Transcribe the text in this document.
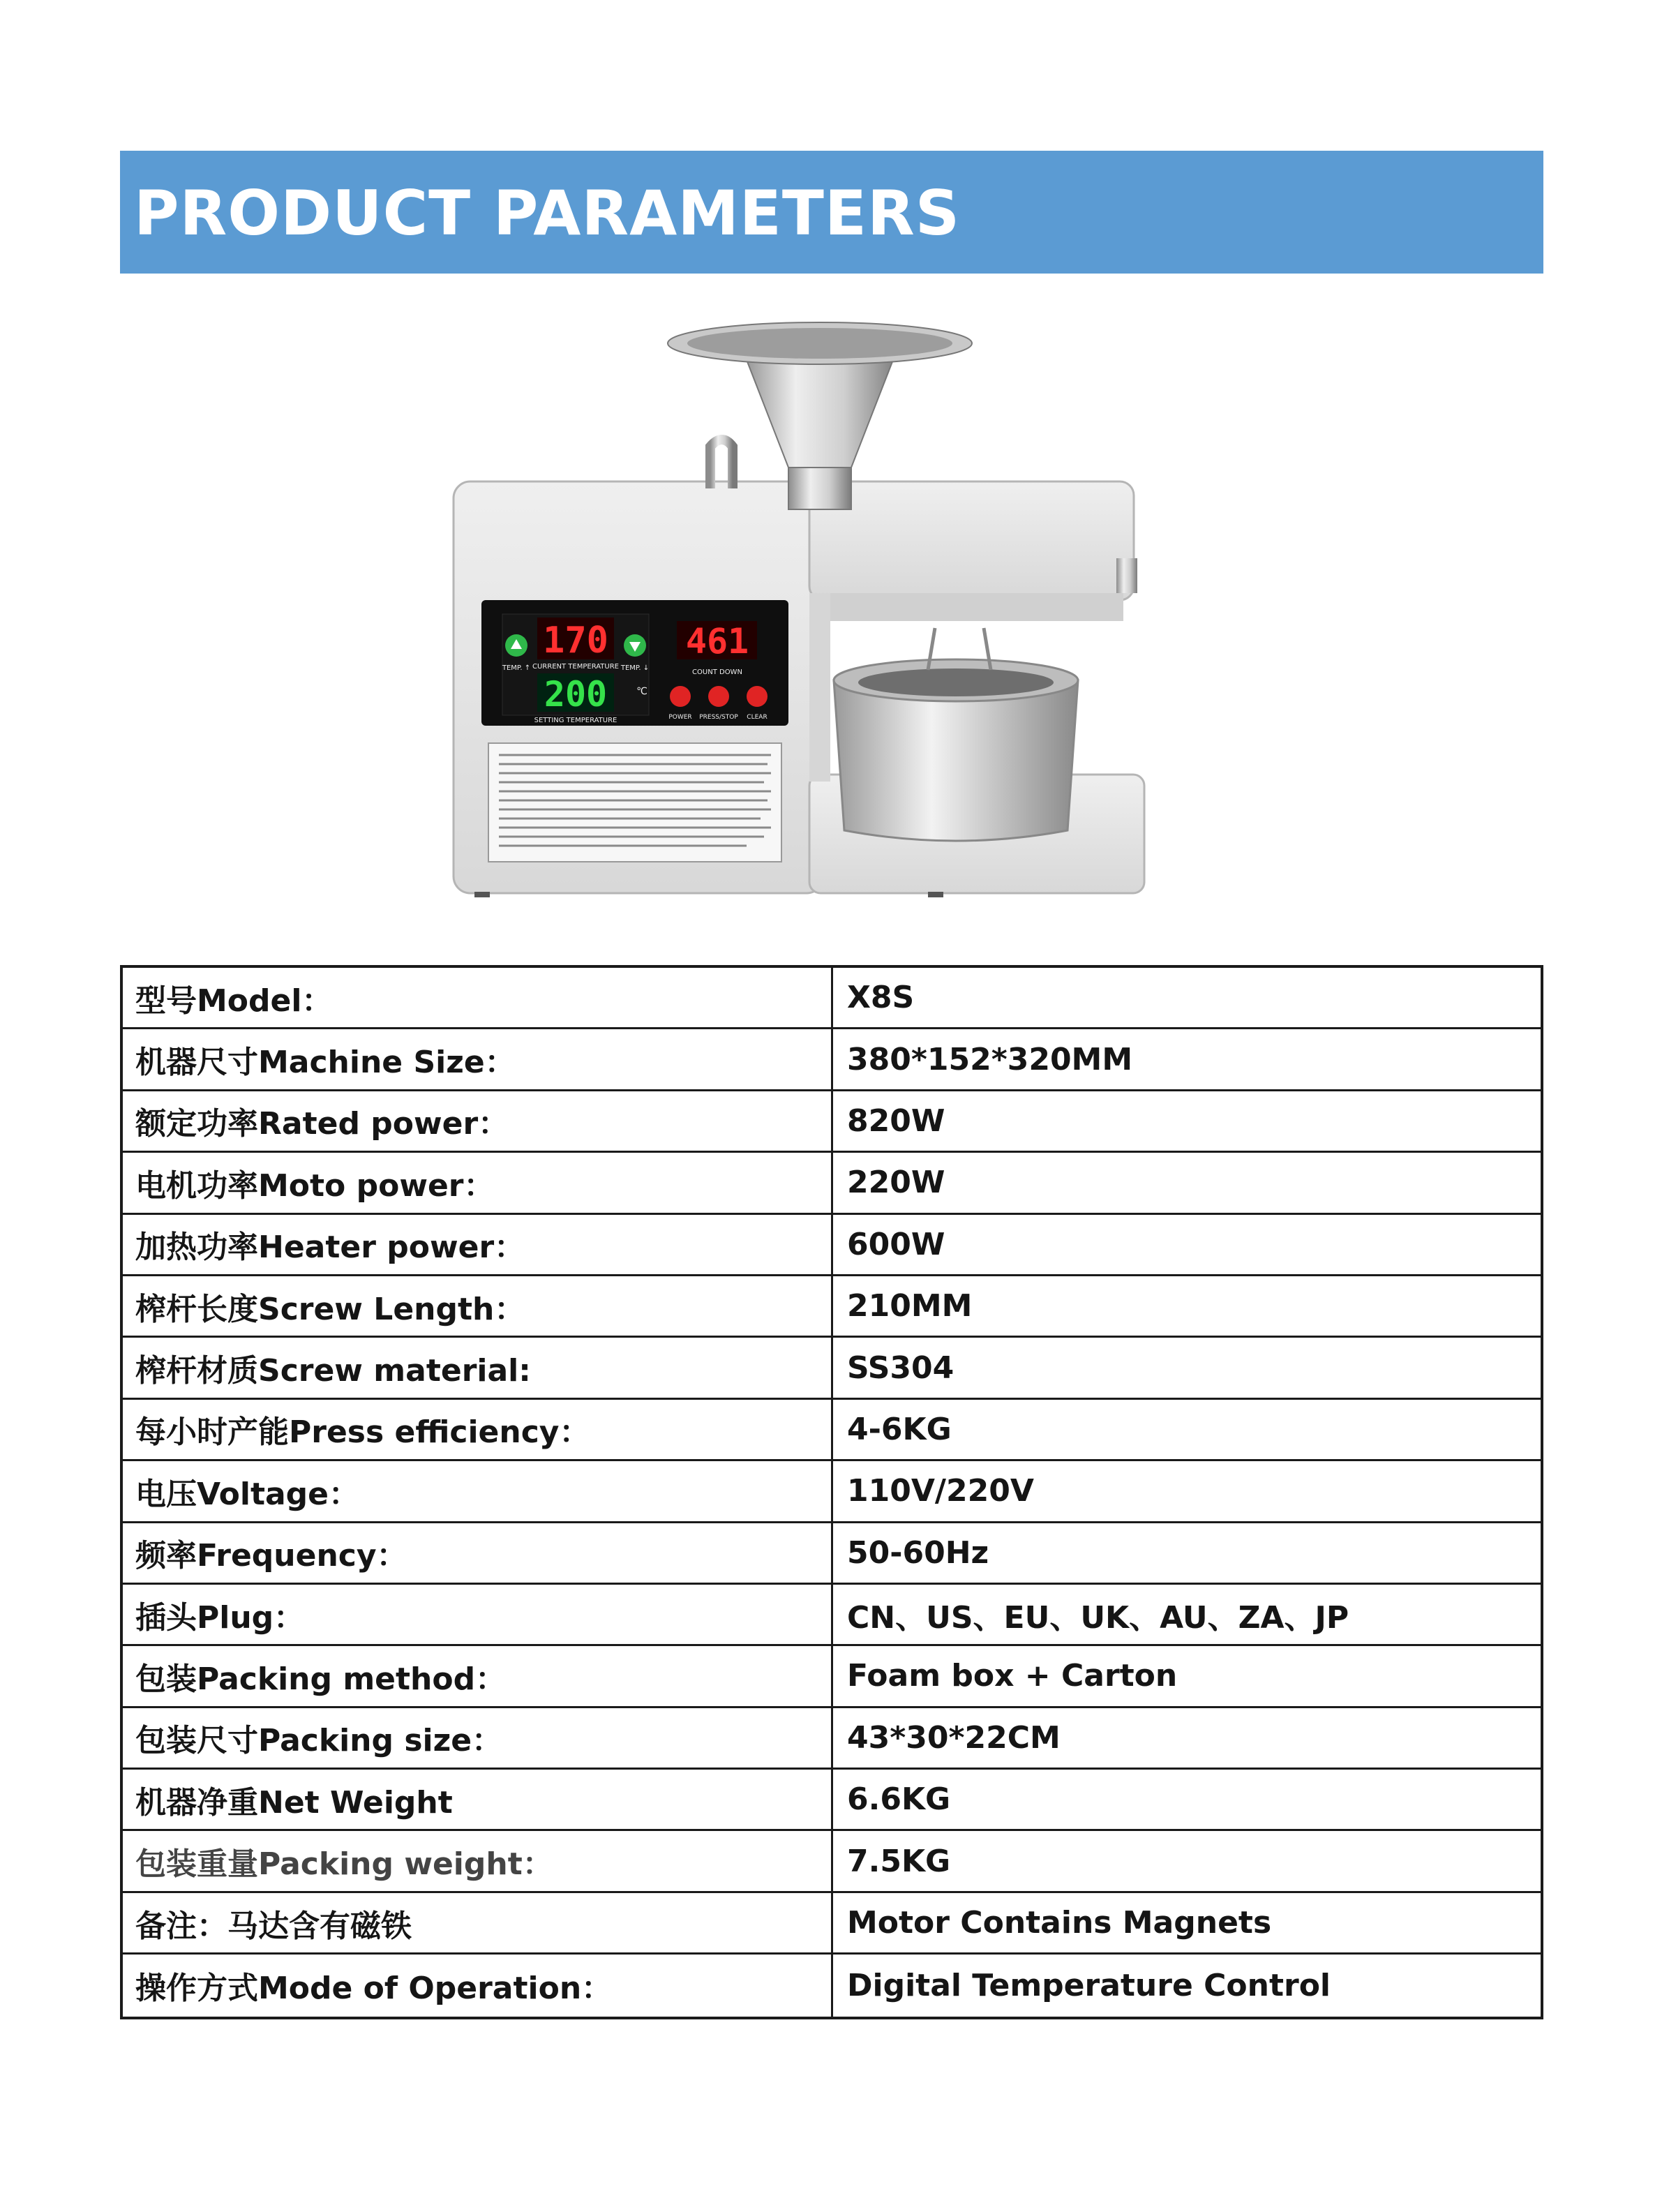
PRODUCT PARAMETERS
170
CURRENT TEMPERATURE
200
SETTING TEMPERATURE
TEMP. ↑	TEMP. ↓
℃
461
COUNT DOWN
POWER PRESS/STOP CLEAR
型号Model：	X8S
机器尺寸Machine Size：	380*152*320MM
额定功率Rated power：	820W
电机功率Moto power：	220W
加热功率Heater power：	600W
榨杆长度Screw Length：	210MM
榨杆材质Screw material:	SS304
每小时产能Press efficiency：	4-6KG
电压Voltage：	110V/220V
频率Frequency：	50-60Hz
插头Plug：	CN、US、EU、UK、AU、ZA、JP
包装Packing method：	Foam box + Carton
包装尺寸Packing size：	43*30*22CM
机器净重Net Weight	6.6KG
包装重量Packing weight：	7.5KG
备注：马达含有磁铁	Motor Contains Magnets
操作方式Mode of Operation：	Digital Temperature Control
